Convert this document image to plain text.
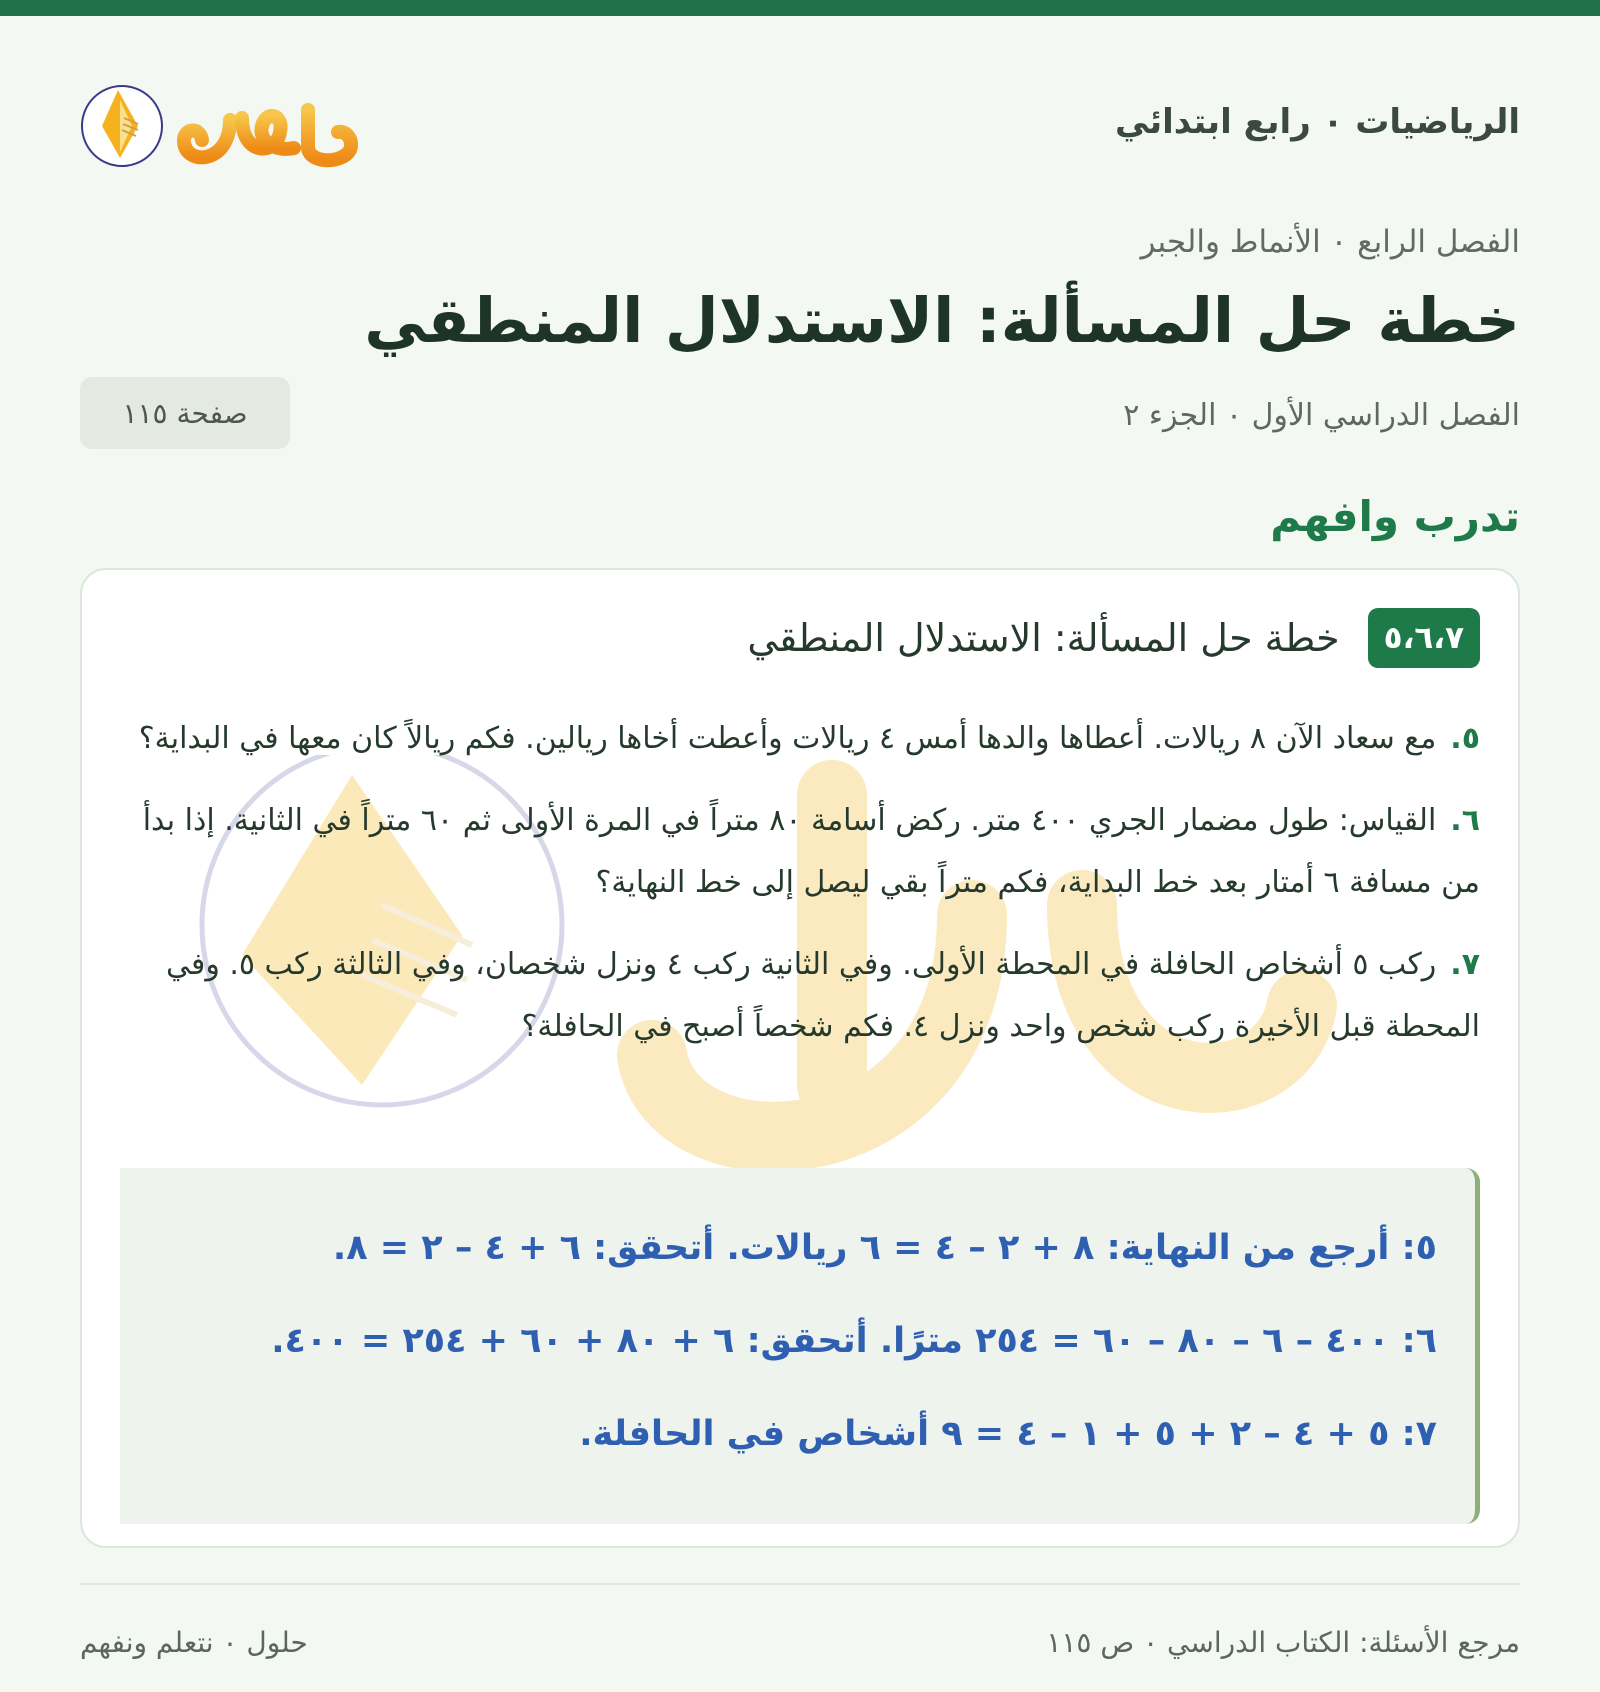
الرياضيات ٠ رابع ابتدائي
الفصل الرابع ٠ الأنماط والجبر
خطة حل المسألة: الاستدلال المنطقي
الفصل الدراسي الأول ٠ الجزء ٢
صفحة ١١٥
تدرب وافهم
٥،٦،٧
خطة حل المسألة: الاستدلال المنطقي

٥.مع سعاد الآن ٨ ريالات. أعطاها والدها أمس ٤ ريالات وأعطت أخاها ريالين. فكم ريالاً كان معها في البداية؟

٦.القياس: طول مضمار الجري ٤٠٠ متر. ركض أسامة ٨٠ متراً في المرة الأولى ثم ٦٠ متراً في الثانية. إذا بدأ من مسافة ٦ أمتار بعد خط البداية، فكم متراً بقي ليصل إلى خط النهاية؟

٧.ركب ٥ أشخاص الحافلة في المحطة الأولى. وفي الثانية ركب ٤ ونزل شخصان، وفي الثالثة ركب ٥. وفي المحطة قبل الأخيرة ركب شخص واحد ونزل ٤. فكم شخصاً أصبح في الحافلة؟

٥: أرجع من النهاية: ٨ + ٢ – ٤ = ٦ ريالات. أتحقق: ٦ + ٤ – ٢ = ٨.
٦: ٤٠٠ – ٦ – ٨٠ – ٦٠ = ٢٥٤ مترًا. أتحقق: ٦ + ٨٠ + ٦٠ + ٢٥٤ = ٤٠٠.
٧: ٥ + ٤ – ٢ + ٥ + ١ – ٤ = ٩ أشخاص في الحافلة.
مرجع الأسئلة: الكتاب الدراسي ٠ ص ١١٥
حلول ٠ نتعلم ونفهم
